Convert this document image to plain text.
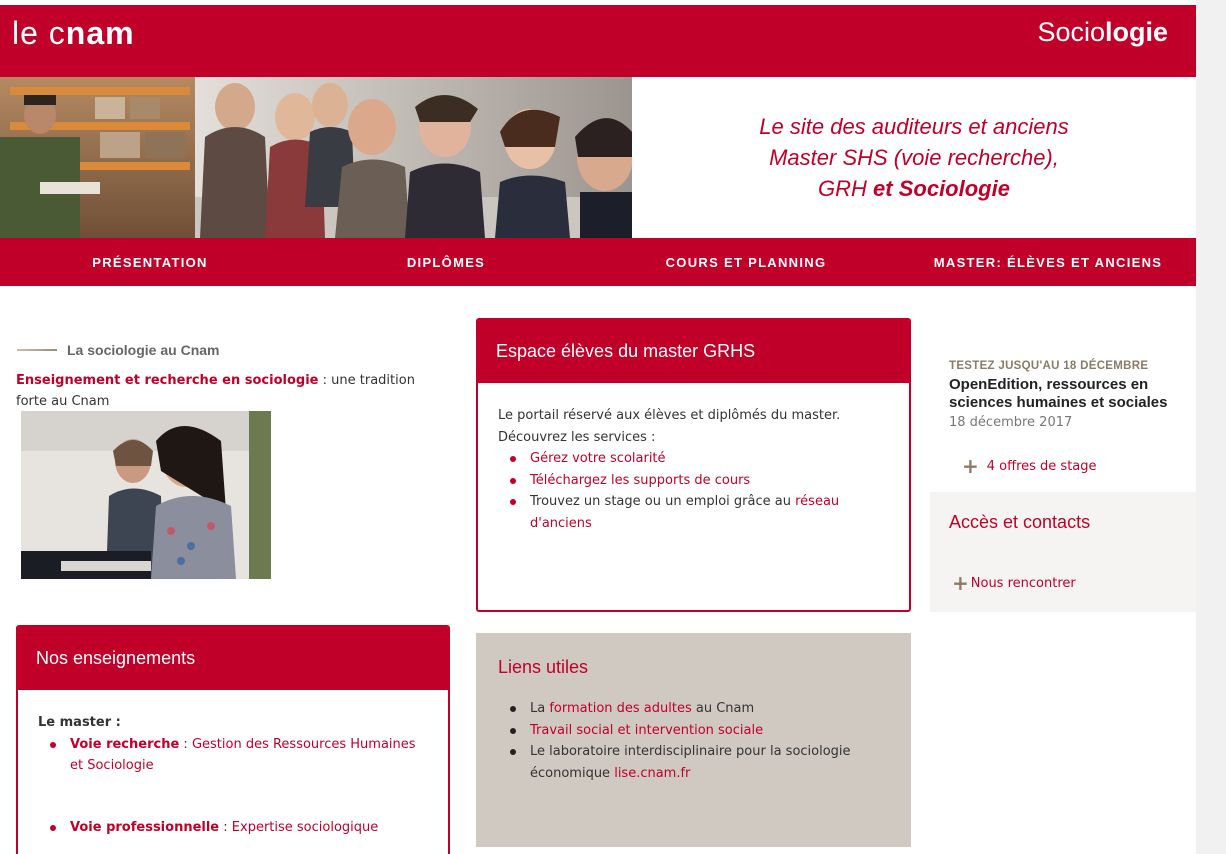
le cnam	Sociologie
Le site des auditeurs et anciens
Master SHS (voie recherche),
GRH et Sociologie
PRÉSENTATION	DIPLÔMES	COURS ET PLANNING	MASTER: ÉLÈVES ET ANCIENS
La sociologie au Cnam
Enseignement et recherche en sociologie : une tradition forte au Cnam
Nos enseignements
Le master :
Voie recherche : Gestion des Ressources Humaines et Sociologie
Voie professionnelle : Expertise sociologique
Espace élèves du master GRHS
Le portail réservé aux élèves et diplômés du master.
Découvrez les services :
Gérez votre scolarité
Téléchargez les supports de cours
Trouvez un stage ou un emploi grâce au réseau d'anciens
Liens utiles
La formation des adultes au Cnam
Travail social et intervention sociale
Le laboratoire interdisciplinaire pour la sociologie économique lise.cnam.fr
TESTEZ JUSQU'AU 18 DÉCEMBRE
OpenEdition, ressources en sciences humaines et sociales
18 décembre 2017
+ 4 offres de stage
Accès et contacts
+ Nous rencontrer
